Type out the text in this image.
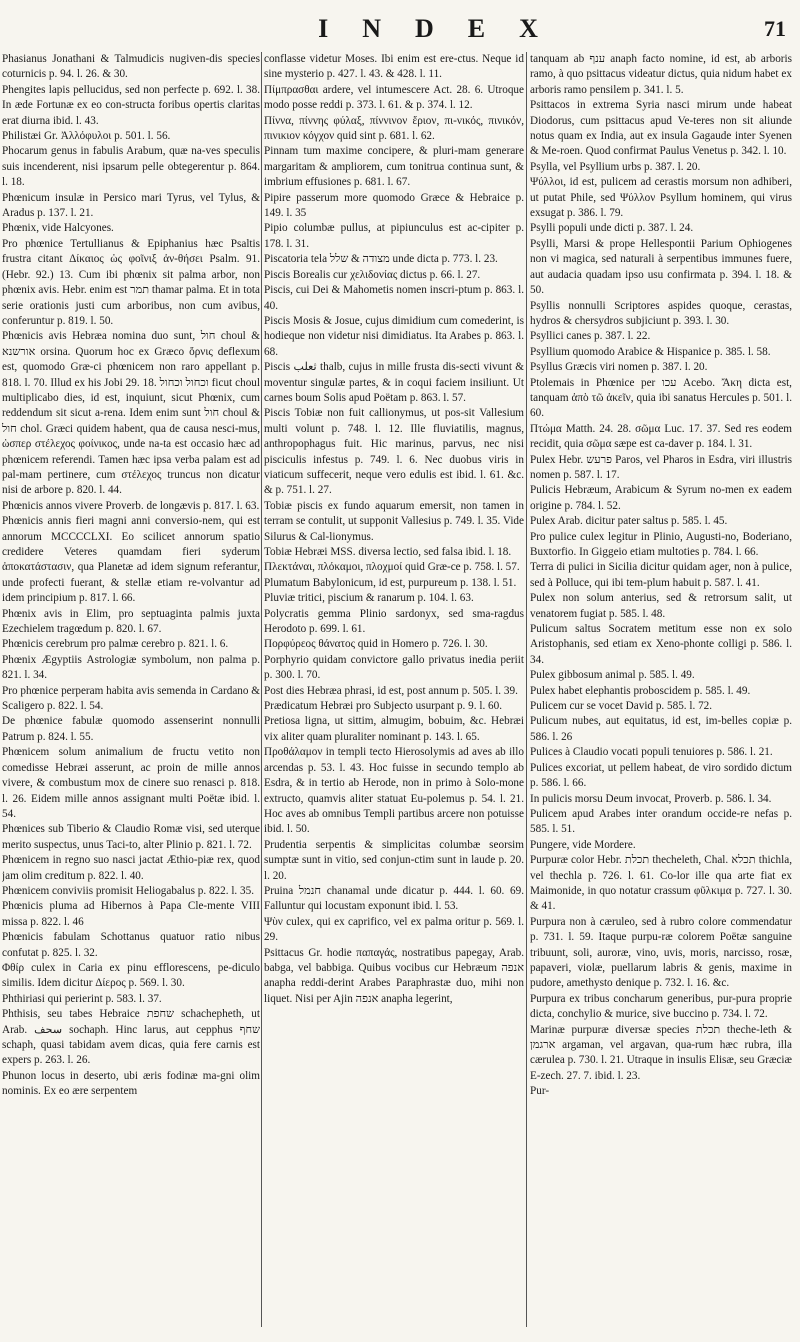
INDEX	71

Phasianus Jonathani & Talmudicis nugiven-dis species coturnicis p. 94. l. 26. & 30.

Phengites lapis pellucidus, sed non perfecte p. 692. l. 38. In æde Fortunæ ex eo con-structa foribus opertis claritas erat diurna ibid. l. 43.

Philistæi Gr. Ἀλλόφυλοι p. 501. l. 56.

Phocarum genus in fabulis Arabum, quæ na-ves speculis suis incenderent, nisi ipsarum pelle obtegerentur p. 864. l. 18.

Phœnicum insulæ in Persico mari Tyrus, vel Tylus, & Aradus p. 137. l. 21.

Phœnix, vide Halcyones.

Pro phœnice Tertullianus & Epiphanius hæc Psaltis frustra citant Δίκαιος ὡς φοῖνιξ ἀν-θήσει Psalm. 91. (Hebr. 92.) 13. Cum ibi phœnix sit palma arbor, non phœnix avis. Hebr. enim est תמר thamar palma. Et in tota serie orationis justi cum arboribus, non cum avibus, conferuntur p. 819. l. 50.

Phœnicis avis Hebræa nomina duo sunt, חול choul & אורשנא orsina. Quorum hoc ex Græco ὄρνις deflexum est, quomodo Græ-ci phœnicem non raro appellant p. 818. l. 70. Illud ex his Jobi 29. 18. וכחול וכחול ficut choul multiplicabo dies, id est, inquiunt, sicut Phœnix, cum reddendum sit sicut a-rena. Idem enim sunt חול choul & חול chol. Græci quidem habent, qua de causa nesci-mus, ὡσπερ στέλεχος φοίνικος, unde na-ta est occasio hæc ad phœnicem referendi. Tamen hæc ipsa verba palam est ad pal-mam pertinere, cum στέλεχος truncus non dicatur nisi de arbore p. 820. l. 44.

Phœnicis annos vivere Proverb. de longævis p. 817. l. 63.

Phœnicis annis fieri magni anni conversio-nem, qui est annorum MCCCCLXI. Eo scilicet annorum spatio credidere Veteres quamdam fieri syderum ἀποκατάστασιν, qua Planetæ ad idem signum referantur, unde profecti fuerant, & stellæ etiam re-volvantur ad idem principium p. 817. l. 66.

Phœnix avis in Elim, pro septuaginta palmis juxta Ezechielem tragœdum p. 820. l. 67.

Phœnicis cerebrum pro palmæ cerebro p. 821. l. 6.

Phœnix Ægyptiis Astrologiæ symbolum, non palma p. 821. l. 34.

Pro phœnice perperam habita avis semenda in Cardano & Scaligero p. 822. l. 54.

De phœnice fabulæ quomodo assenserint nonnulli Patrum p. 824. l. 55.

Phœnicem solum animalium de fructu vetito non comedisse Hebræi asserunt, ac proin de mille annos vivere, & combustum mox de cinere suo renasci p. 818. l. 26. Eidem mille annos assignant multi Poëtæ ibid. l. 54.

Phœnices sub Tiberio & Claudio Romæ visi, sed uterque merito suspectus, unus Taci-to, alter Plinio p. 821. l. 72.

Phœnicem in regno suo nasci jactat Æthio-piæ rex, quod jam olim creditum p. 822. l. 40.

Phœnicem conviviis promisit Heliogabalus p. 822. l. 35.

Phœnicis pluma ad Hibernos à Papa Cle-mente VIII missa p. 822. l. 46

Phœnicis fabulam Schottanus quatuor ratio nibus confutat p. 825. l. 32.

Φθίρ culex in Caria ex pinu efflorescens, pe-diculo similis. Idem dicitur Δίερος p. 569. l. 30.

Phthiriasi qui perierint p. 583. l. 37.

Phthisis, seu tabes Hebraice שחפת schachepheth, ut Arab. سحف sochaph. Hinc larus, aut cepphus שחף schaph, quasi tabidam avem dicas, quia fere carnis est expers p. 263. l. 26.

Phunon locus in deserto, ubi æris fodinæ ma-gni olim nominis. Ex eo ære serpentem

conflasse videtur Moses. Ibi enim est ere-ctus. Neque id sine mysterio p. 427. l. 43. & 428. l. 11.

Πίμπρασθαι ardere, vel intumescere Act. 28. 6. Utroque modo posse reddi p. 373. l. 61. & p. 374. l. 12.

Πίννα, πίννης φύλαξ, πίννινον ἔριον, πι-νικός, πινικόν, πινικιον κόγχον quid sint p. 681. l. 62.

Pinnam tum maxime concipere, & pluri-mam generare margaritam & ampliorem, cum tonitrua continua sunt, & imbrium effusiones p. 681. l. 67.

Pipire passerum more quomodo Græce & Hebraice p. 149. l. 35

Pipio columbæ pullus, at pipiunculus est ac-cipiter p. 178. l. 31.

Piscatoria tela מצודה & שלל unde dicta p. 773. l. 23.

Piscis Borealis cur χελιδονίας dictus p. 66. l. 27.

Piscis, cui Dei & Mahometis nomen inscri-ptum p. 863. l. 40.

Piscis Mosis & Josue, cujus dimidium cum comederint, is hodieque non videtur nisi dimidiatus. Ita Arabes p. 863. l. 68.

Piscis ثعلب thalb, cujus in mille frusta dis-secti vivunt & moventur singulæ partes, & in coqui faciem insiliunt. Ut carnes boum Solis apud Poëtam p. 863. l. 57.

Piscis Tobiæ non fuit callionymus, ut pos-sit Vallesium multi volunt p. 748. l. 12. Ille fluviatilis, magnus, anthropophagus fuit. Hic marinus, parvus, nec nisi pisciculis infestus p. 749. l. 6. Nec duobus viris in viaticum suffecerit, neque vero edulis est ibid. l. 61. &c. & p. 751. l. 27.

Tobiæ piscis ex fundo aquarum emersit, non tamen in terram se contulit, ut supponit Vallesius p. 749. l. 35. Vide Silurus & Cal-lionymus.

Tobiæ Hebræi MSS. diversa lectio, sed falsa ibid. l. 18.

Πλεκτάναι, πλόκαμοι, πλοχμοί quid Græ-ce p. 758. l. 57.

Plumatum Babylonicum, id est, purpureum p. 138. l. 51.

Pluviæ tritici, piscium & ranarum p. 104. l. 63.

Polycratis gemma Plinio sardonyx, sed sma-ragdus Herodoto p. 699. l. 61.

Πορφύρεος θάνατος quid in Homero p. 726. l. 30.

Porphyrio quidam convictore gallo privatus inedia periit p. 300. l. 70.

Post dies Hebræa phrasi, id est, post annum p. 505. l. 39.

Prædicatum Hebræi pro Subjecto usurpant p. 9. l. 60.

Pretiosa ligna, ut sittim, almugim, bobuim, &c. Hebræi vix aliter quam pluraliter nominant p. 143. l. 65.

Προθάλαμον in templi tecto Hierosolymis ad aves ab illo arcendas p. 53. l. 43. Hoc fuisse in secundo templo ab Esdra, & in tertio ab Herode, non in primo à Solo-mone extructo, quamvis aliter statuat Eu-polemus p. 54. l. 21. Hoc aves ab omnibus Templi partibus arcere non potuisse ibid. l. 50.

Prudentia serpentis & simplicitas columbæ seorsim sumptæ sunt in vitio, sed conjun-ctim sunt in laude p. 20. l. 20.

Pruina חנמל chanamal unde dicatur p. 444. l. 60. 69. Falluntur qui locustam exponunt ibid. l. 53.

Ψὺν culex, qui ex caprifico, vel ex palma oritur p. 569. l. 29.

Psittacus Gr. hodie παπαγάς, nostratibus papegay, Arab. babga, vel babbiga. Quibus vocibus cur Hebræum אנפה anapha reddi-derint Arabes Paraphrastæ duo, mihi non liquet. Nisi per Ajin אנפה anapha legerint,

tanquam ab ענף anaph facto nomine, id est, ab arboris ramo, à quo psittacus videatur dictus, quia nidum habet ex arboris ramo pensilem p. 341. l. 5.

Psittacos in extrema Syria nasci mirum unde habeat Diodorus, cum psittacus apud Ve-teres non sit aliunde notus quam ex India, aut ex insula Gagaude inter Syenen & Me-roen. Quod confirmat Paulus Venetus p. 342. l. 10.

Psylla, vel Psyllium urbs p. 387. l. 20.

Ψύλλοι, id est, pulicem ad cerastis morsum non adhiberi, ut putat Phile, sed Ψύλλον Psyllum hominem, qui virus exsugat p. 386. l. 79.

Psylli populi unde dicti p. 387. l. 24.

Psylli, Marsi & prope Hellespontii Parium Ophiogenes non vi magica, sed naturali à serpentibus immunes fuere, aut audacia quadam ipso usu confirmata p. 394. l. 18. & 50.

Psyllis nonnulli Scriptores aspides quoque, cerastas, hydros & chersydros subjiciunt p. 393. l. 30.

Psyllici canes p. 387. l. 22.

Psyllium quomodo Arabice & Hispanice p. 385. l. 58.

Psyllus Græcis viri nomen p. 387. l. 20.

Ptolemais in Phœnice per עכו Acebo. Ἄκη dicta est, tanquam ἀπὸ τῶ ἀκεῖν, quia ibi sanatus Hercules p. 501. l. 60.

Πτώμα Matth. 24. 28. σῶμα Luc. 17. 37. Sed res eodem recidit, quia σῶμα sæpe est ca-daver p. 184. l. 31.

Pulex Hebr. פרעש Paros, vel Pharos in Esdra, viri illustris nomen p. 587. l. 17.

Pulicis Hebræum, Arabicum & Syrum no-men ex eadem origine p. 784. l. 52.

Pulex Arab. dicitur pater saltus p. 585. l. 45.

Pro pulice culex legitur in Plinio, Augusti-no, Boderiano, Buxtorfio. In Giggeio etiam multoties p. 784. l. 66.

Terra di pulici in Sicilia dicitur quidam ager, non à pulice, sed à Polluce, qui ibi tem-plum habuit p. 587. l. 41.

Pulex non solum anterius, sed & retrorsum salit, ut venatorem fugiat p. 585. l. 48.

Pulicum saltus Socratem metitum esse non ex solo Aristophanis, sed etiam ex Xeno-phonte colligi p. 586. l. 34.

Pulex gibbosum animal p. 585. l. 49.

Pulex habet elephantis proboscidem p. 585. l. 49.

Pulicem cur se vocet David p. 585. l. 72.

Pulicum nubes, aut equitatus, id est, im-belles copiæ p. 586. l. 26

Pulices à Claudio vocati populi tenuiores p. 586. l. 21.

Pulices excoriat, ut pellem habeat, de viro sordido dictum p. 586. l. 66.

In pulicis morsu Deum invocat, Proverb. p. 586. l. 34.

Pulicem apud Arabes inter orandum occide-re nefas p. 585. l. 51.

Pungere, vide Mordere.

Purpuræ color Hebr. תכלת thecheleth, Chal. תכלא thichla, vel thechla p. 726. l. 61. Co-lor ille qua arte fiat ex Maimonide, in quo notatur crassum φῦλκιμα p. 727. l. 30. & 41.

Purpura non à cæruleo, sed à rubro colore commendatur p. 731. l. 59. Itaque purpu-ræ colorem Poëtæ sanguine tribuunt, soli, auroræ, vino, uvis, moris, narcisso, rosæ, papaveri, violæ, puellarum labris & genis, maxime in pudore, amethysto denique p. 732. l. 16. &c.

Purpura ex tribus concharum generibus, pur-pura proprie dicta, conchylio & murice, sive buccino p. 734. l. 72.

Marinæ purpuræ diversæ species תכלת theche-leth & ארגמן argaman, vel argavan, qua-rum hæc rubra, illa cærulea p. 730. l. 21. Utraque in insulis Elisæ, seu Græciæ E-zech. 27. 7. ibid. l. 23.

Pur-
